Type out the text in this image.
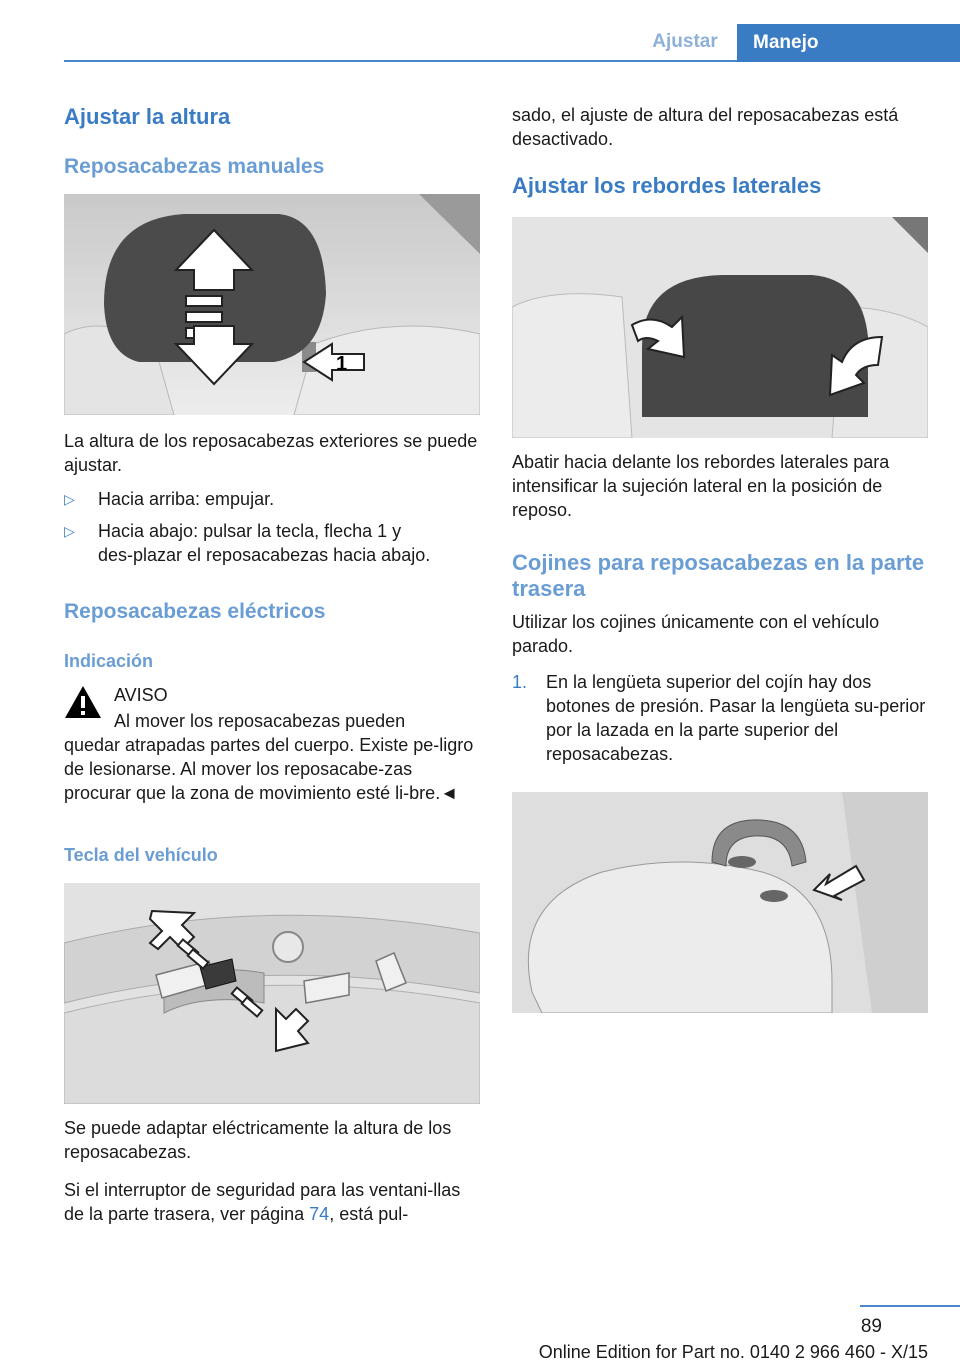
Ajustar	Manejo
Ajustar la altura
Reposacabezas manuales
1

La altura de los reposacabezas exteriores se puede ajustar.

▷ Hacia arriba: empujar.
▷ Hacia abajo: pulsar la tecla, flecha 1 y des‑plazar el reposacabezas hacia abajo.
Reposacabezas eléctricos
Indicación
AVISO
Al mover los reposacabezas pueden
quedar atrapadas partes del cuerpo. Existe pe‑ligro de lesionarse. Al mover los reposacabe‑zas procurar que la zona de movimiento esté li‑bre.◄
Tecla del vehículo

Se puede adaptar eléctricamente la altura de los reposacabezas.

Si el interruptor de seguridad para las ventani‑llas de la parte trasera, ver página 74, está pul‑

sado, el ajuste de altura del reposacabezas está desactivado.

Ajustar los rebordes laterales

Abatir hacia delante los rebordes laterales para intensificar la sujeción lateral en la posición de reposo.

Cojines para reposacabezas en la parte trasera

Utilizar los cojines únicamente con el vehículo parado.

1. En la lengüeta superior del cojín hay dos botones de presión. Pasar la lengüeta su‑perior por la lazada en la parte superior del reposacabezas.
89
Online Edition for Part no. 0140 2 966 460 - X/15
